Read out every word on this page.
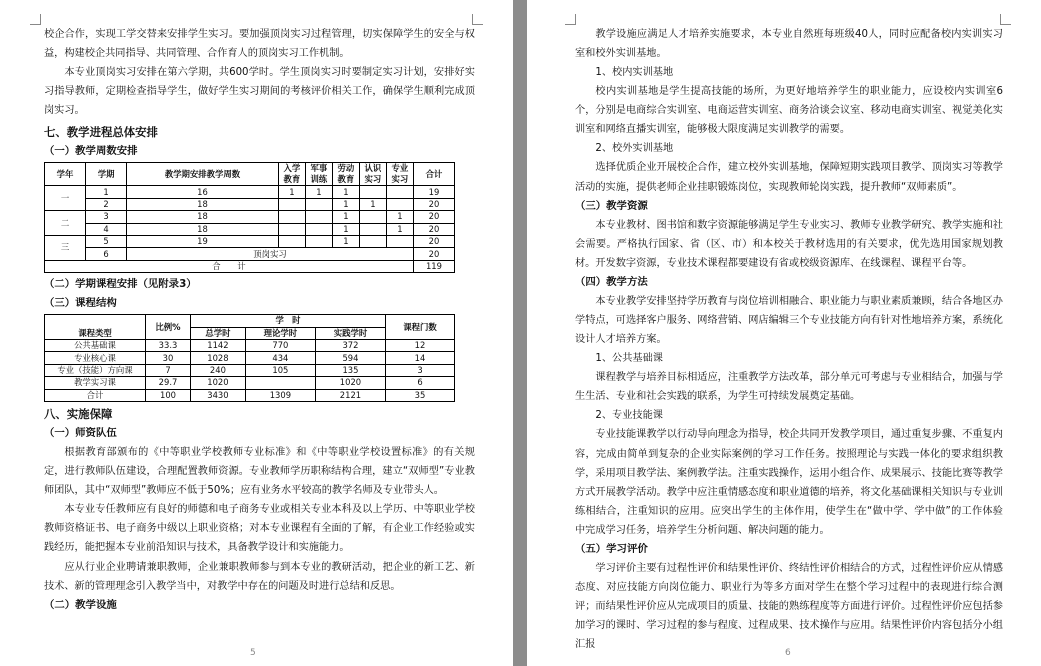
校企合作，实现工学交替来安排学生实习。要加强顶岗实习过程管理，切实保障学生的安全与权益，构建校企共同指导、共同管理、合作育人的顶岗实习工作机制。

本专业顶岗实习安排在第六学期，共600学时。学生顶岗实习时要制定实习计划，安排好实习指导教师，定期检查指导学生，做好学生实习期间的考核评价相关工作，确保学生顺利完成顶岗实习。

七、教学进程总体安排
（一）教学周数安排
学年	学期	教学期安排教学周数	入学教育	军事训练	劳动教育	认识实习	专业实习	合计
一	1	16	1	1	1			19
	2	18			1	1		20
二	3	18			1		1	20
	4	18			1		1	20
三	5	19			1			20
	6	顶岗实习						20
合　　计								119
（二）学期课程安排（见附录3）
（三）课程结构
课程类型	比例%	学　时			课程门数
		总学时	理论学时	实践学时	
公共基础课	33.3	1142	770	372	12
专业核心课	30	1028	434	594	14
专业（技能）方向课	7	240	105	135	3
教学实习课	29.7	1020		1020	6
合计	100	3430	1309	2121	35
八、实施保障
（一）师资队伍

根据教育部颁布的《中等职业学校教师专业标准》和《中等职业学校设置标准》的有关规定，进行教师队伍建设，合理配置教师资源。专业教师学历职称结构合理，建立“双师型”专业教师团队，其中“双师型”教师应不低于50%；应有业务水平较高的教学名师及专业带头人。

本专业专任教师应有良好的师德和电子商务专业或相关专业本科及以上学历、中等职业学校教师资格证书、电子商务中级以上职业资格；对本专业课程有全面的了解，有企业工作经验或实践经历，能把握本专业前沿知识与技术，具备教学设计和实施能力。

应从行业企业聘请兼职教师，企业兼职教师参与到本专业的教研活动，把企业的新工艺、新技术、新的管理理念引入教学当中，对教学中存在的问题及时进行总结和反思。

（二）教学设施
5

教学设施应满足人才培养实施要求，本专业自然班每班级40人，同时应配备校内实训实习室和校外实训基地。

1、校内实训基地

校内实训基地是学生提高技能的场所，为更好地培养学生的职业能力，应设校内实训室6个，分别是电商综合实训室、电商运营实训室、商务洽谈会议室、移动电商实训室、视觉美化实训室和网络直播实训室，能够极大限度满足实训教学的需要。

2、校外实训基地

选择优质企业开展校企合作，建立校外实训基地，保障短期实践项目教学、顶岗实习等教学活动的实施，提供老师企业挂职锻炼岗位，实现教师轮岗实践，提升教师“双师素质”。

（三）教学资源

本专业教材、图书馆和数字资源能够满足学生专业实习、教师专业教学研究、教学实施和社会需要。严格执行国家、省（区、市）和本校关于教材选用的有关要求，优先选用国家规划教材。开发数字资源，专业技术课程都要建设有省或校级资源库、在线课程、课程平台等。

（四）教学方法

本专业教学安排坚持学历教育与岗位培训相融合、职业能力与职业素质兼顾，结合各地区办学特点，可选择客户服务、网络营销、网店编辑三个专业技能方向有针对性地培养方案，系统化设计人才培养方案。

1、公共基础课

课程教学与培养目标相适应，注重教学方法改革，部分单元可考虑与专业相结合，加强与学生生活、专业和社会实践的联系，为学生可持续发展奠定基础。

2、专业技能课

专业技能课教学以行动导向理念为指导，校企共同开发教学项目，通过重复步骤、不重复内容，完成由简单到复杂的企业实际案例的学习工作任务。按照理论与实践一体化的要求组织教学，采用项目教学法、案例教学法。注重实践操作，运用小组合作、成果展示、技能比赛等教学方式开展教学活动。教学中应注重情感态度和职业道德的培养，将文化基础课相关知识与专业训练相结合，注重知识的应用。应突出学生的主体作用，使学生在“做中学、学中做”的工作体验中完成学习任务，培养学生分析问题、解决问题的能力。

（五）学习评价

学习评价主要有过程性评价和结果性评价、终结性评价相结合的方式，过程性评价应从情感态度、对应技能方向岗位能力、职业行为等多方面对学生在整个学习过程中的表现进行综合测评；而结果性评价应从完成项目的质量、技能的熟练程度等方面进行评价。过程性评价应包括参加学习的课时、学习过程的参与程度、过程成果、技术操作与应用。结果性评价内容包括分小组汇报

6
